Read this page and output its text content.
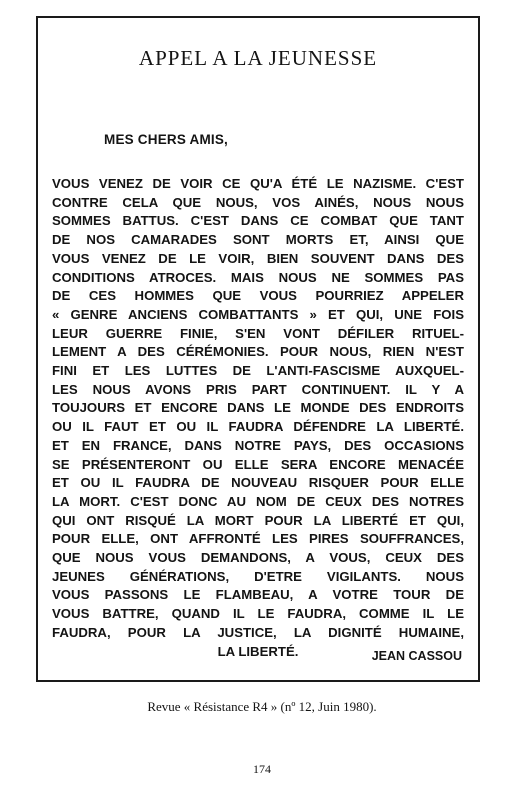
APPEL A LA JEUNESSE
MES CHERS AMIS,
VOUS VENEZ DE VOIR CE QU'A ÉTÉ LE NAZISME. C'EST
CONTRE CELA QUE NOUS, VOS AINÉS, NOUS NOUS
SOMMES BATTUS. C'EST DANS CE COMBAT QUE TANT
DE NOS CAMARADES SONT MORTS ET, AINSI QUE
VOUS VENEZ DE LE VOIR, BIEN SOUVENT DANS DES
CONDITIONS ATROCES. MAIS NOUS NE SOMMES PAS
DE CES HOMMES QUE VOUS POURRIEZ APPELER
« GENRE ANCIENS COMBATTANTS » ET QUI, UNE FOIS
LEUR GUERRE FINIE, S'EN VONT DÉFILER RITUEL-
LEMENT A DES CÉRÉMONIES. POUR NOUS, RIEN N'EST
FINI ET LES LUTTES DE L'ANTI-FASCISME AUXQUEL-
LES NOUS AVONS PRIS PART CONTINUENT. IL Y A
TOUJOURS ET ENCORE DANS LE MONDE DES ENDROITS
OU IL FAUT ET OU IL FAUDRA DÉFENDRE LA LIBERTÉ.
ET EN FRANCE, DANS NOTRE PAYS, DES OCCASIONS
SE PRÉSENTERONT OU ELLE SERA ENCORE MENACÉE
ET OU IL FAUDRA DE NOUVEAU RISQUER POUR ELLE
LA MORT. C'EST DONC AU NOM DE CEUX DES NOTRES
QUI ONT RISQUÉ LA MORT POUR LA LIBERTÉ ET QUI,
POUR ELLE, ONT AFFRONTÉ LES PIRES SOUFFRANCES,
QUE NOUS VOUS DEMANDONS, A VOUS, CEUX DES
JEUNES GÉNÉRATIONS, D'ETRE VIGILANTS. NOUS
VOUS PASSONS LE FLAMBEAU, A VOTRE TOUR DE
VOUS BATTRE, QUAND IL LE FAUDRA, COMME IL LE
FAUDRA, POUR LA JUSTICE, LA DIGNITÉ HUMAINE,
LA LIBERTÉ.	JEAN CASSOU
Revue « Résistance R4 » (nº 12, Juin 1980).
174
